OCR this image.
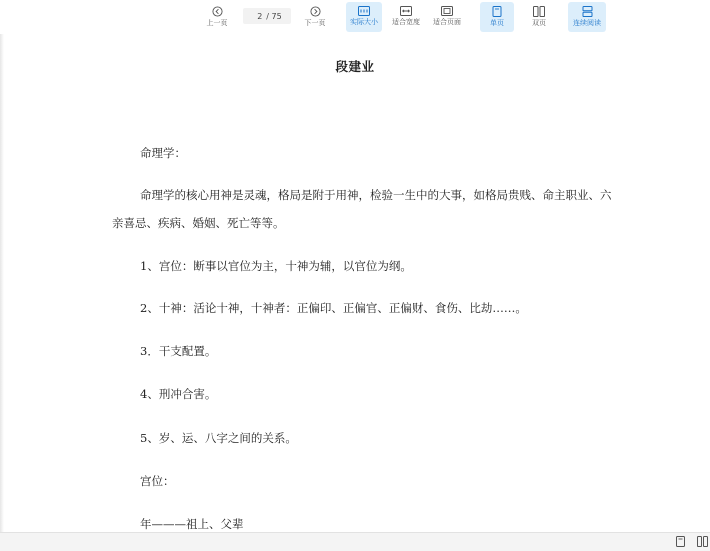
上一页
2
/ 75
下一页	实际大小 适合宽度 适合页面	单页	双页	连续阅读
段建业

命理学：

命理学的核心用神是灵魂，格局是附于用神，检验一生中的大事，如格局贵贱、命主职业、六亲喜忌、疾病、婚姻、死亡等等。

1、宫位：断事以官位为主，十神为辅，以官位为纲。

2、十神：活论十神，十神者：正偏印、正偏官、正偏财、食伤、比劫……。

3．干支配置。

4、刑冲合害。

5、岁、运、八字之间的关系。

宫位：

年———祖上、父辈
